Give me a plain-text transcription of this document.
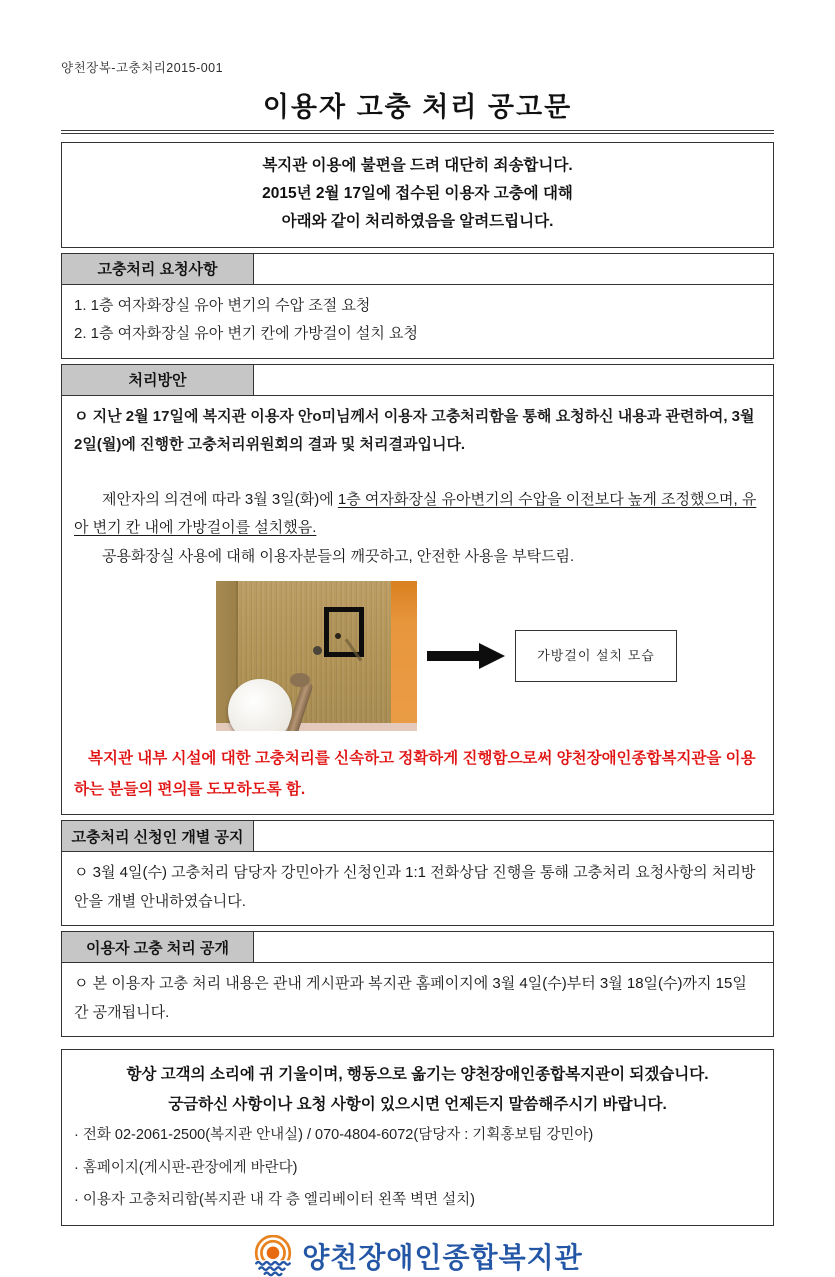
양천장복-고충처리2015-001
이용자 고충 처리 공고문
복지관 이용에 불편을 드려 대단히 죄송합니다.
2015년 2월 17일에 접수된 이용자 고충에 대해
아래와 같이 처리하였음을 알려드립니다.
고충처리 요청사항
1. 1층 여자화장실 유아 변기의 수압 조절 요청
2. 1층 여자화장실 유아 변기 칸에 가방걸이 설치 요청
처리방안
ㅇ 지난 2월 17일에 복지관 이용자 안o미님께서 이용자 고충처리함을 통해 요청하신 내용과 관련하여, 3월 2일(월)에 진행한 고충처리위원회의 결과 및 처리결과입니다.
제안자의 의견에 따라 3월 3일(화)에 1층 여자화장실 유아변기의 수압을 이전보다 높게 조정했으며, 유아 변기 칸 내에 가방걸이를 설치했음.
공용화장실 사용에 대해 이용자분들의 깨끗하고, 안전한 사용을 부탁드림.
가방걸이 설치 모습
복지관 내부 시설에 대한 고충처리를 신속하고 정확하게 진행함으로써 양천장애인종합복지관을 이용하는 분들의 편의를 도모하도록 함.
고충처리 신청인 개별 공지
ㅇ 3월 4일(수) 고충처리 담당자 강민아가 신청인과 1:1 전화상담 진행을 통해 고충처리 요청사항의 처리방안을 개별 안내하였습니다.
이용자 고충 처리 공개
ㅇ 본 이용자 고충 처리 내용은 관내 게시판과 복지관 홈페이지에 3월 4일(수)부터 3월 18일(수)까지 15일간 공개됩니다.
항상 고객의 소리에 귀 기울이며, 행동으로 옮기는 양천장애인종합복지관이 되겠습니다.
궁금하신 사항이나 요청 사항이 있으시면 언제든지 말씀해주시기 바랍니다.
· 전화 02-2061-2500(복지관 안내실) / 070-4804-6072(담당자 : 기획홍보팀 강민아)
· 홈페이지(게시판-관장에게 바란다)
· 이용자 고충처리함(복지관 내 각 층 엘리베이터 왼쪽 벽면 설치)
양천장애인종합복지관
